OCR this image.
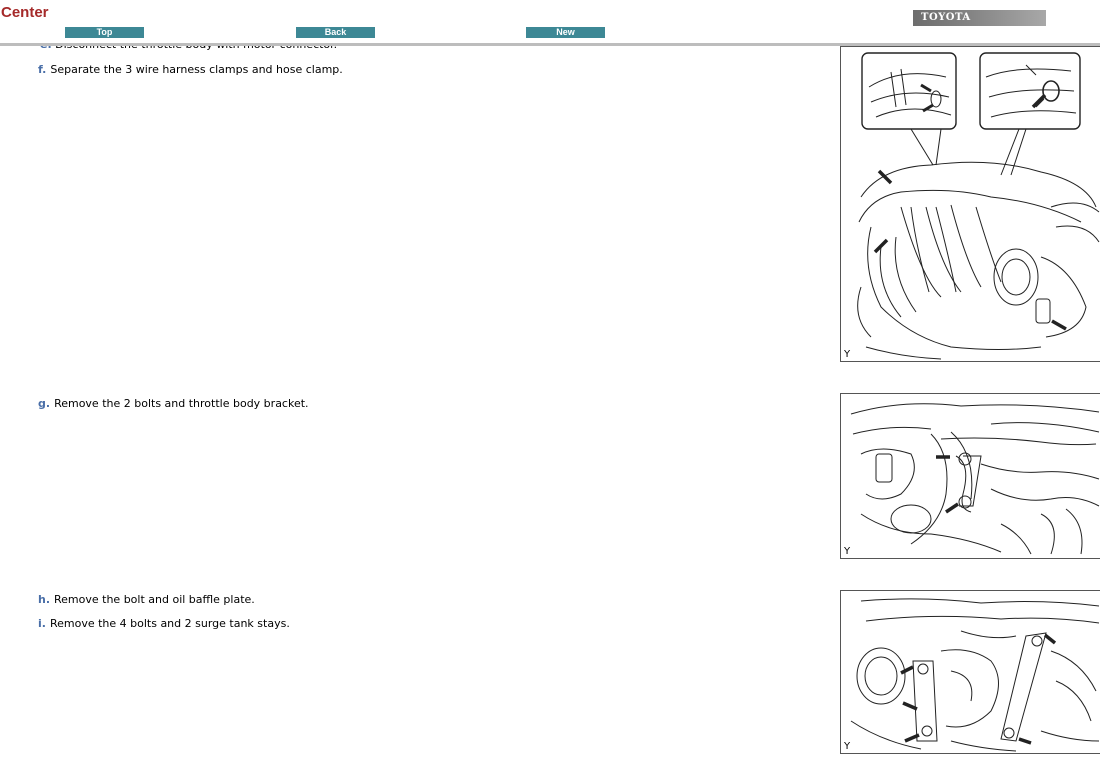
Center
Top	Back	New
TOYOTA
f. Separate the 3 wire harness clamps and hose clamp.
g. Remove the 2 bolts and throttle body bracket.
h. Remove the bolt and oil baffle plate.
i. Remove the 4 bolts and 2 surge tank stays.
Y
Y
Y
